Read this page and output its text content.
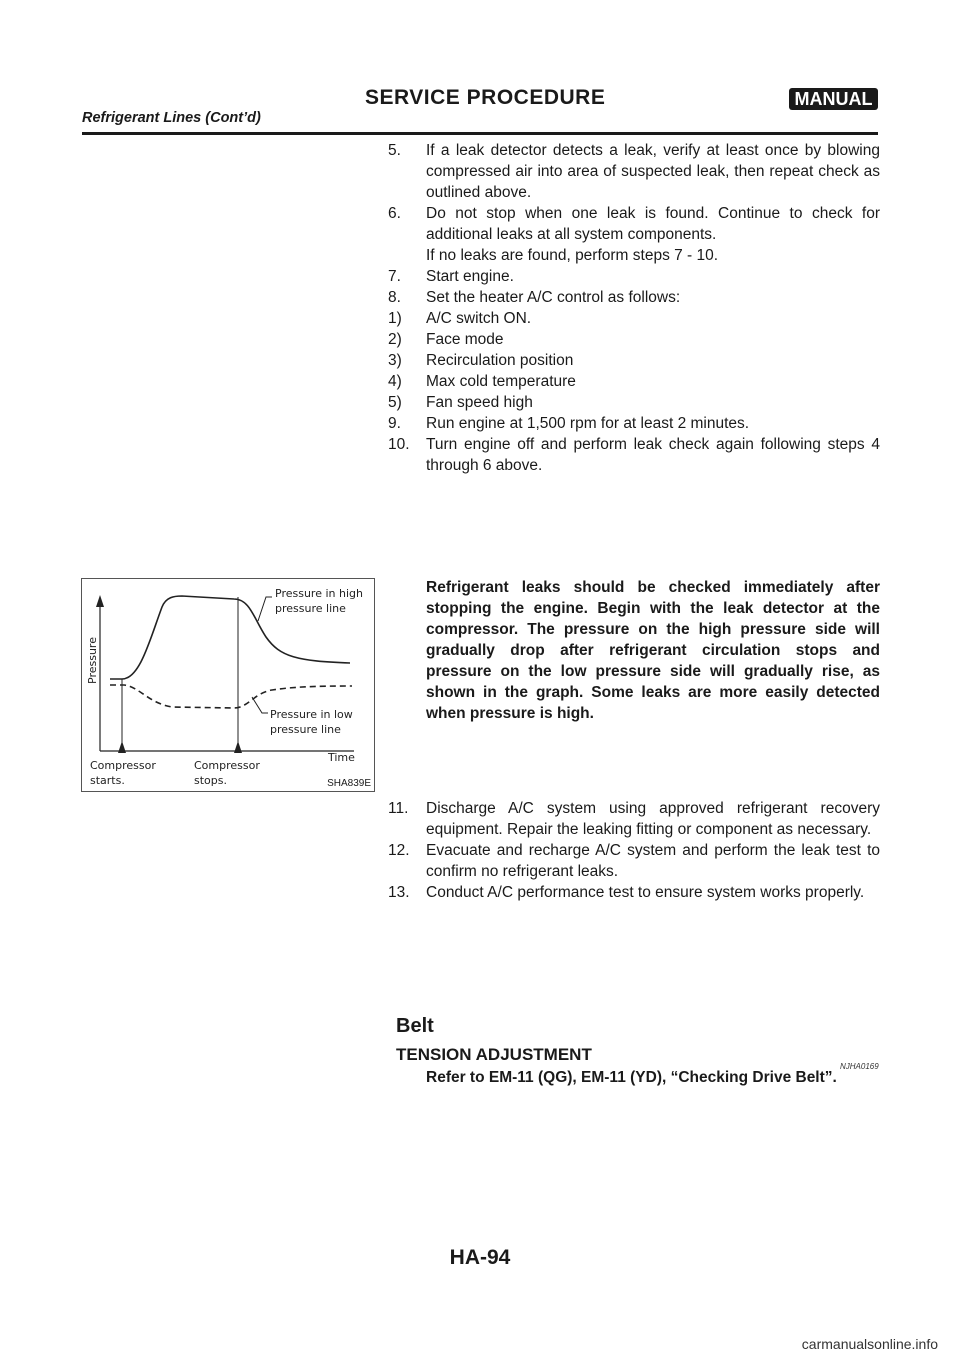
SERVICE PROCEDURE	MANUAL
Refrigerant Lines (Cont’d)
5. If a leak detector detects a leak, verify at least once by blowing compressed air into area of suspected leak, then repeat check as outlined above.
6. Do not stop when one leak is found. Continue to check for additional leaks at all system components.
If no leaks are found, perform steps 7 - 10.
7. Start engine.
8. Set the heater A/C control as follows:
1) A/C switch ON.
2) Face mode
3) Recirculation position
4) Max cold temperature
5) Fan speed high
9. Run engine at 1,500 rpm for at least 2 minutes.
10. Turn engine off and perform leak check again following steps 4 through 6 above.
Pressure
Time
Pressure in high
pressure line
Pressure in low
pressure line
Compressor
starts.
Compressor
stops.	SHA839E
Refrigerant leaks should be checked immediately after stopping the engine. Begin with the leak detector at the compressor. The pressure on the high pressure side will gradually drop after refrigerant circulation stops and pressure on the low pressure side will gradually rise, as shown in the graph. Some leaks are more easily detected when pressure is high.
11. Discharge A/C system using approved refrigerant recovery equipment. Repair the leaking fitting or component as necessary.
12. Evacuate and recharge A/C system and perform the leak test to confirm no refrigerant leaks.
13. Conduct A/C performance test to ensure system works properly.
Belt
TENSION ADJUSTMENT
NJHA0169
Refer to EM-11 (QG), EM-11 (YD), “Checking Drive Belt”.
HA-94
carmanualsonline.info
